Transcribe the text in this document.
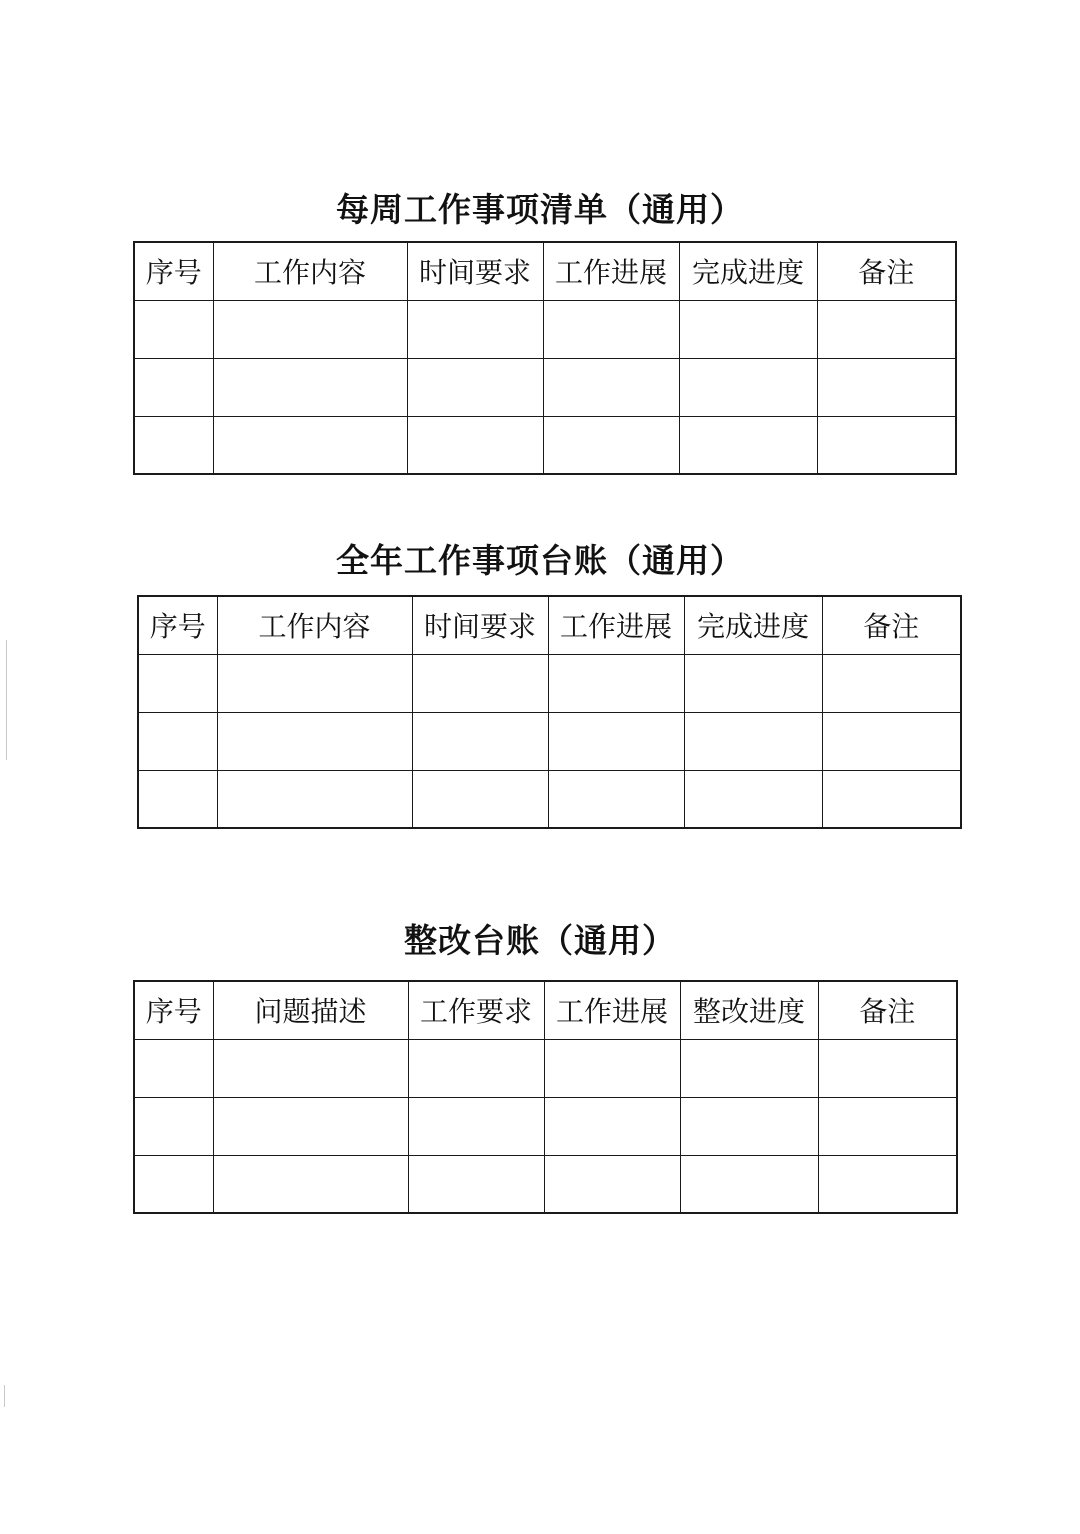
每周工作事项清单（通用）
序号	工作内容	时间要求	工作进展	完成进度	备注

全年工作事项台账（通用）
序号	工作内容	时间要求	工作进展	完成进度	备注

整改台账（通用）
序号	问题描述	工作要求	工作进展	整改进度	备注
